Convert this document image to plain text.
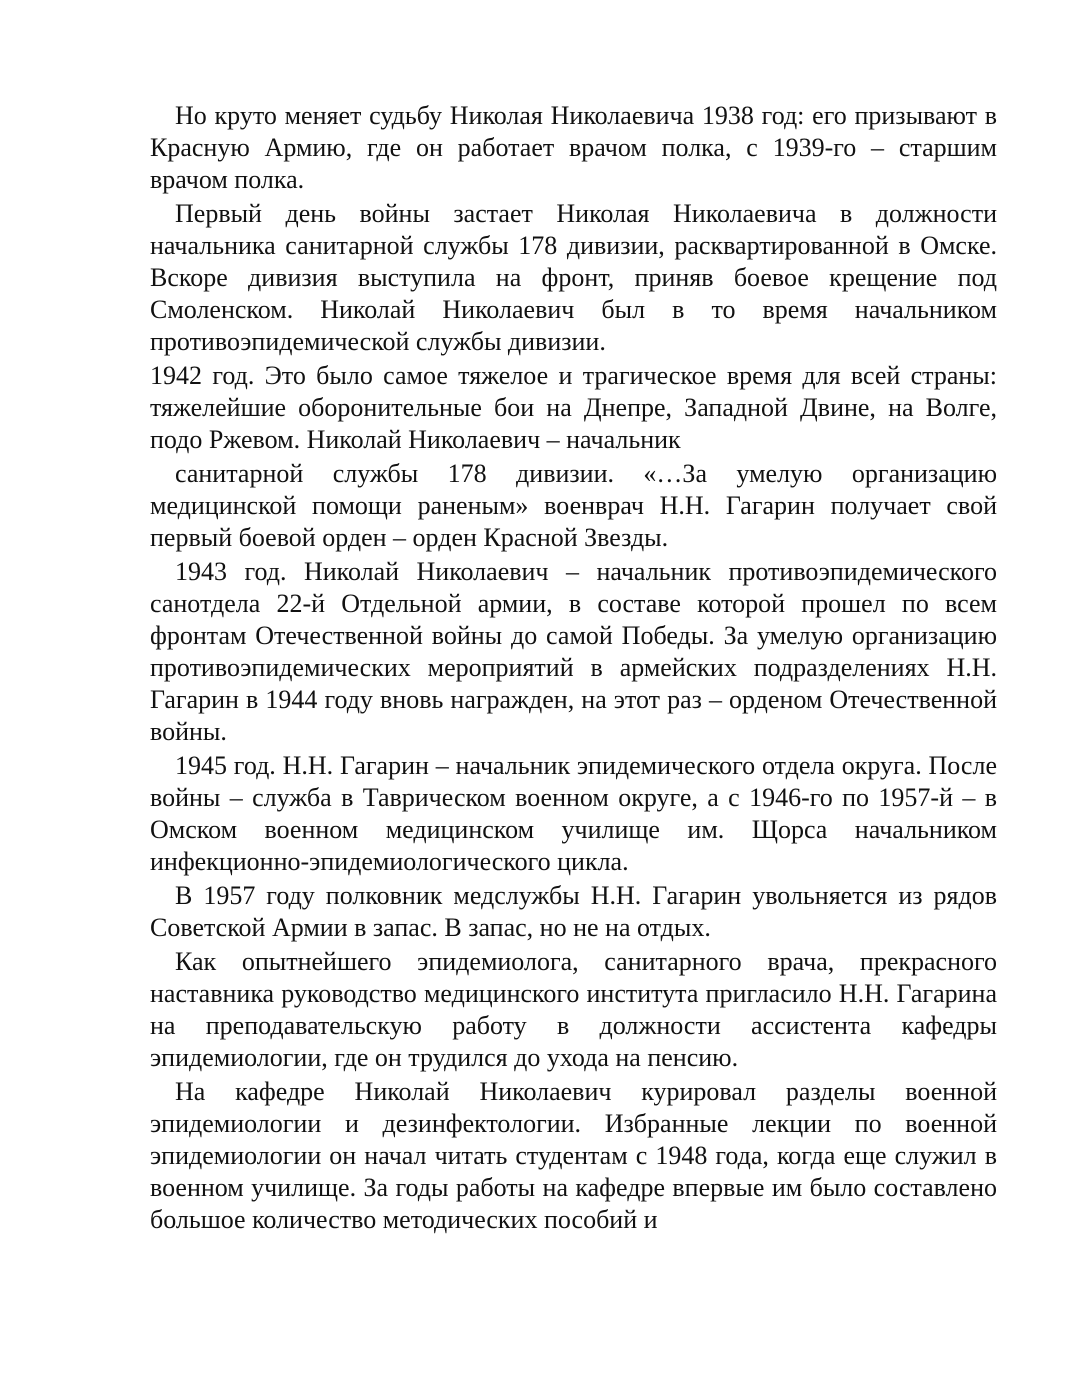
Но круто меняет судьбу Николая Николаевича 1938 год: его призывают в Красную Армию, где он работает врачом полка, с 1939-го – старшим врачом полка.

Первый день войны застает Николая Николаевича в должности начальника санитарной службы 178 дивизии, расквартированной в Омске. Вскоре дивизия выступила на фронт, приняв боевое крещение под Смоленском. Николай Николаевич был в то время начальником противоэпидемической службы дивизии.

1942 год. Это было самое тяжелое и трагическое время для всей страны: тяжелейшие оборонительные бои на Днепре, Западной Двине, на Волге, подо Ржевом. Николай Николаевич – начальник

санитарной службы 178 дивизии. «…За умелую организацию медицинской помощи раненым» военврач Н.Н. Гагарин получает свой первый боевой орден – орден Красной Звезды.

1943 год. Николай Николаевич – начальник противоэпидемического санотдела 22-й Отдельной армии, в составе которой прошел по всем фронтам Отечественной войны до самой Победы. За умелую организацию противоэпидемических мероприятий в армейских подразделениях Н.Н. Гагарин в 1944 году вновь награжден, на этот раз – орденом Отечественной войны.

1945 год. Н.Н. Гагарин – начальник эпидемического отдела округа. После войны – служба в Таврическом военном округе, а с 1946-го по 1957-й – в Омском военном медицинском училище им. Щорса начальником инфекционно-эпидемиологического цикла.

В 1957 году полковник медслужбы Н.Н. Гагарин увольняется из рядов Советской Армии в запас. В запас, но не на отдых.

Как опытнейшего эпидемиолога, санитарного врача, прекрасного наставника руководство медицинского института пригласило Н.Н. Гагарина на преподавательскую работу в должности ассистента кафедры эпидемиологии, где он трудился до ухода на пенсию.

На кафедре Николай Николаевич курировал разделы военной эпидемиологии и дезинфектологии. Избранные лекции по военной эпидемиологии он начал читать студентам с 1948 года, когда еще служил в военном училище. За годы работы на кафедре впервые им было составлено большое количество методических пособий и
